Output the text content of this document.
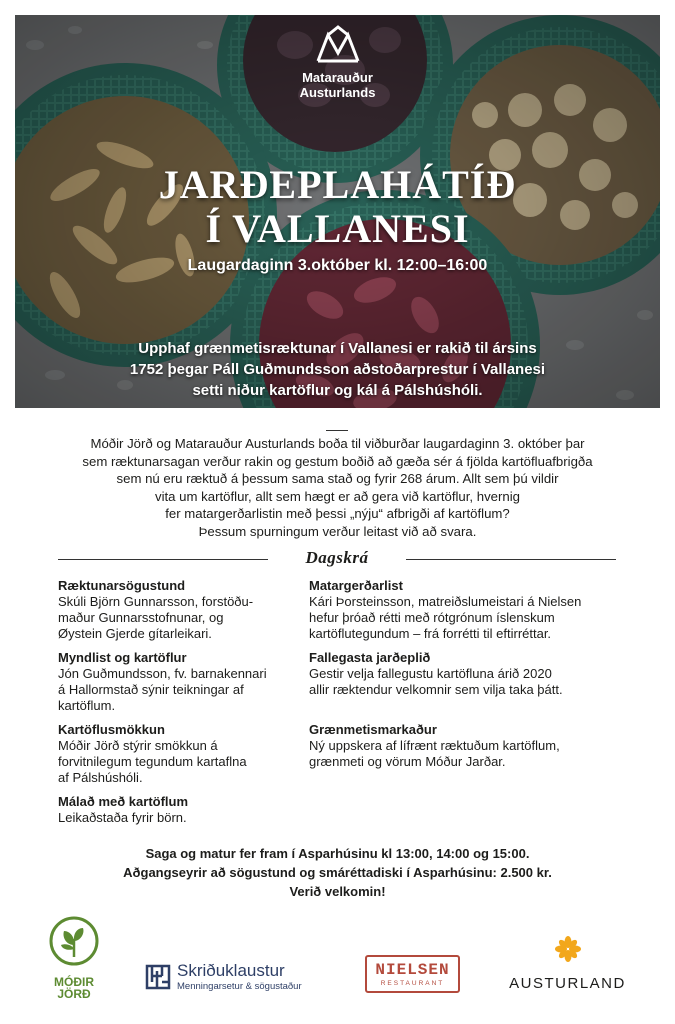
Matarauður
Austurlands
JARÐEPLAHÁTÍÐ
Í VALLANESI
Laugardaginn 3.október kl. 12:00–16:00
Upphaf grænmetisræktunar í Vallanesi er rakið til ársins
1752 þegar Páll Guðmundsson aðstoðarprestur í Vallanesi
setti niður kartöflur og kál á Pálshúshóli.
Móðir Jörð og Matarauður Austurlands boða til viðburðar laugardaginn 3. október þar
sem ræktunarsagan verður rakin og gestum boðið að gæða sér á fjölda kartöfluafbrigða
sem nú eru ræktuð á þessum sama stað og fyrir 268 árum. Allt sem þú vildir
vita um kartöflur, allt sem hægt er að gera við kartöflur, hvernig
fer matargerðarlistin með þessi „nýju“ afbrigði af kartöflum?
Þessum spurningum verður leitast við að svara.
Dagskrá
Ræktunarsögustund
Skúli Björn Gunnarsson, forstöðu-
maður Gunnarsstofnunar, og
Øystein Gjerde gítarleikari.
Myndlist og kartöflur
Jón Guðmundsson, fv. barnakennari
á Hallormstað sýnir teikningar af
kartöflum.
Kartöflusmökkun
Móðir Jörð stýrir smökkun á
forvitnilegum tegundum kartaflna
af Pálshúshóli.
Málað með kartöflum
Leikaðstaða fyrir börn.
Matargerðarlist
Kári Þorsteinsson, matreiðslumeistari á Nielsen
hefur þróað rétti með rótgrónum íslenskum
kartöflutegundum – frá forrétti til eftirréttar.
Fallegasta jarðeplið
Gestir velja fallegustu kartöfluna árið 2020
allir ræktendur velkomnir sem vilja taka þátt.
Grænmetismarkaður
Ný uppskera af lífrænt ræktuðum kartöflum,
grænmeti og vörum Móður Jarðar.
Saga og matur fer fram í Asparhúsinu kl 13:00, 14:00 og 15:00.
Aðgangseyrir að sögustund og smáréttadiski í Asparhúsinu: 2.500 kr.
Verið velkomin!
MÓÐIR
JÖRÐ
Skriðuklaustur
Menningarsetur & sögustaður
NIELSEN
RESTAURANT	AUSTURLAND
